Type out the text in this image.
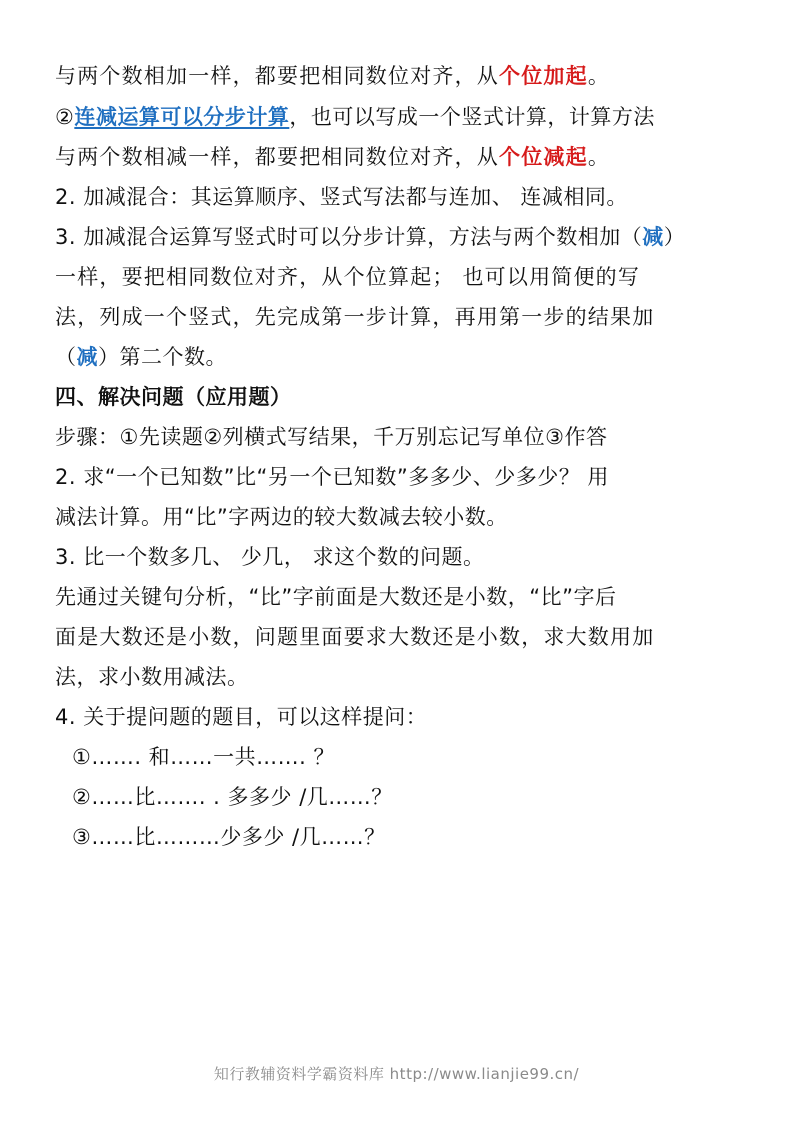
与两个数相加一样，都要把相同数位对齐，从个位加起。
②连减运算可以分步计算，也可以写成一个竖式计算，计算方法
与两个数相减一样，都要把相同数位对齐，从个位减起。
2. 加减混合：其运算顺序、竖式写法都与连加、 连减相同。
3. 加减混合运算写竖式时可以分步计算，方法与两个数相加（减）
一样，要把相同数位对齐，从个位算起； 也可以用简便的写
法，列成一个竖式，先完成第一步计算，再用第一步的结果加
（减）第二个数。
四、解决问题（应用题）
步骤：①先读题②列横式写结果，千万别忘记写单位③作答
2. 求“一个已知数”比“另一个已知数”多多少、少多少？ 用
减法计算。用“比”字两边的较大数减去较小数。
3. 比一个数多几、 少几， 求这个数的问题。
先通过关键句分析，“比”字前面是大数还是小数，“比”字后
面是大数还是小数，问题里面要求大数还是小数，求大数用加
法，求小数用减法。
4. 关于提问题的题目，可以这样提问：
①……. 和……一共……. ？
②……比……. . 多多少 /几……？
③……比………少多少 /几……？
知行教辅资料学霸资料库 http://www.lianjie99.cn/
